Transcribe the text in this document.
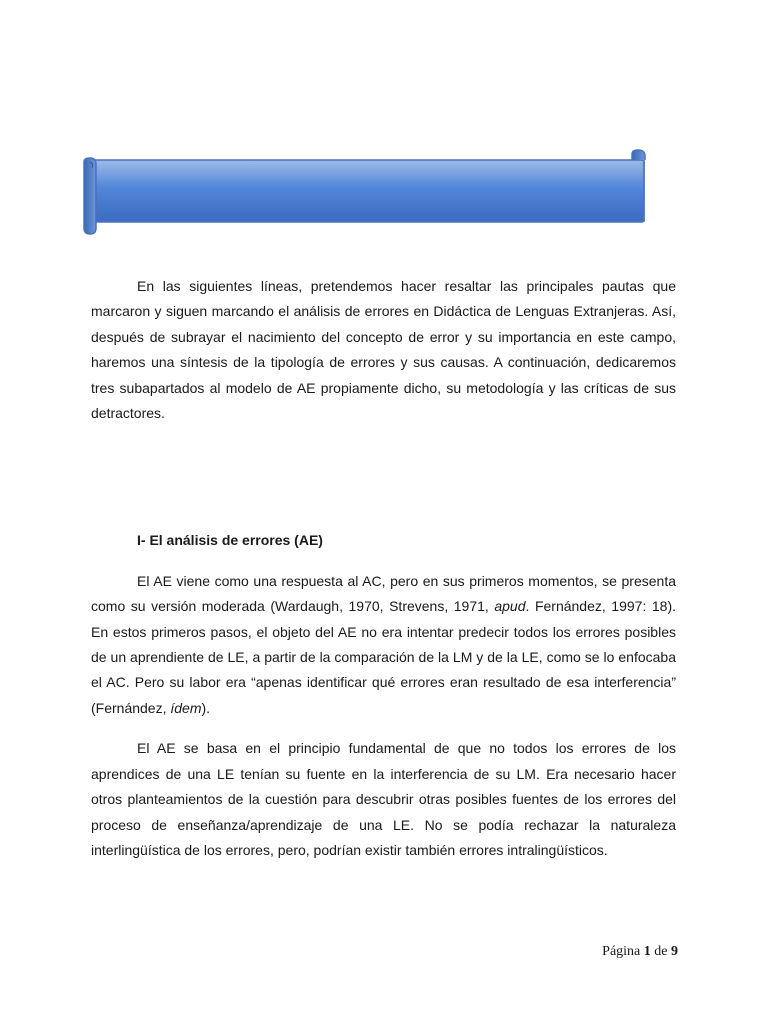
En las siguientes líneas, pretendemos hacer resaltar las principales pautas que marcaron y siguen marcando el análisis de errores en Didáctica de Lenguas Extranjeras. Así, después de subrayar el nacimiento del concepto de error y su importancia en este campo, haremos una síntesis de la tipología de errores y sus causas. A continuación, dedicaremos tres subapartados al modelo de AE propiamente dicho, su metodología y las críticas de sus detractores.

I- El análisis de errores (AE)

El AE viene como una respuesta al AC, pero en sus primeros momentos, se presenta como su versión moderada (Wardaugh, 1970, Strevens, 1971, apud. Fernández, 1997: 18). En estos primeros pasos, el objeto del AE no era intentar predecir todos los errores posibles de un aprendiente de LE, a partir de la comparación de la LM y de la LE, como se lo enfocaba el AC. Pero su labor era “apenas identificar qué errores eran resultado de esa interferencia” (Fernández, ídem).

El AE se basa en el principio fundamental de que no todos los errores de los aprendices de una LE tenían su fuente en la interferencia de su LM. Era necesario hacer otros planteamientos de la cuestión para descubrir otras posibles fuentes de los errores del proceso de enseñanza/aprendizaje de una LE. No se podía rechazar la naturaleza interlingüística de los errores, pero, podrían existir también errores intralingüísticos.

Página 1 de 9
